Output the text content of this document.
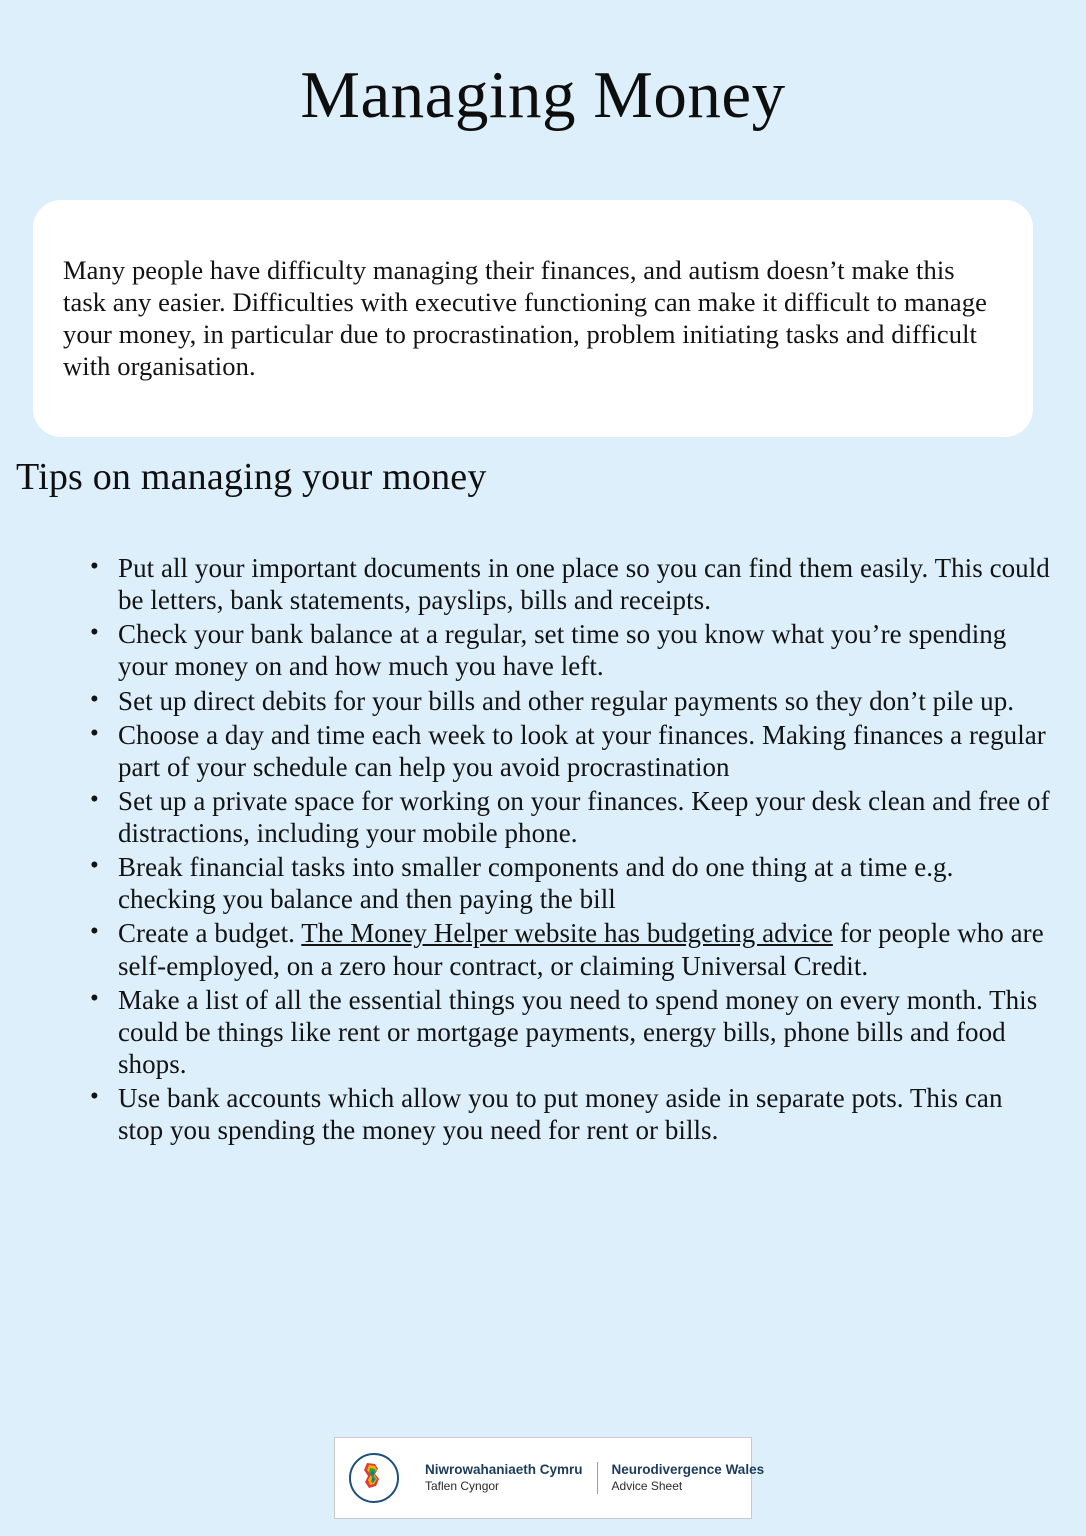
Managing Money

Many people have difficulty managing their finances, and autism doesn’t make this task any easier. Difficulties with executive functioning can make it difficult to manage your money, in particular due to procrastination, problem initiating tasks and difficult with organisation.

Tips on managing your money
• Put all your important documents in one place so you can find them easily. This could be letters, bank statements, payslips, bills and receipts.
• Check your bank balance at a regular, set time so you know what you’re spending your money on and how much you have left.
• Set up direct debits for your bills and other regular payments so they don’t pile up.
• Choose a day and time each week to look at your finances. Making finances a regular part of your schedule can help you avoid procrastination
• Set up a private space for working on your finances. Keep your desk clean and free of distractions, including your mobile phone.
• Break financial tasks into smaller components and do one thing at a time e.g. checking you balance and then paying the bill
• Create a budget. The Money Helper website has budgeting advice for people who are self-employed, on a zero hour contract, or claiming Universal Credit.
• Make a list of all the essential things you need to spend money on every month. This could be things like rent or mortgage payments, energy bills, phone bills and food shops.
• Use bank accounts which allow you to put money aside in separate pots. This can stop you spending the money you need for rent or bills.
Niwrowahaniaeth Cymru
Taflen Cyngor
Neurodivergence Wales
Advice Sheet
